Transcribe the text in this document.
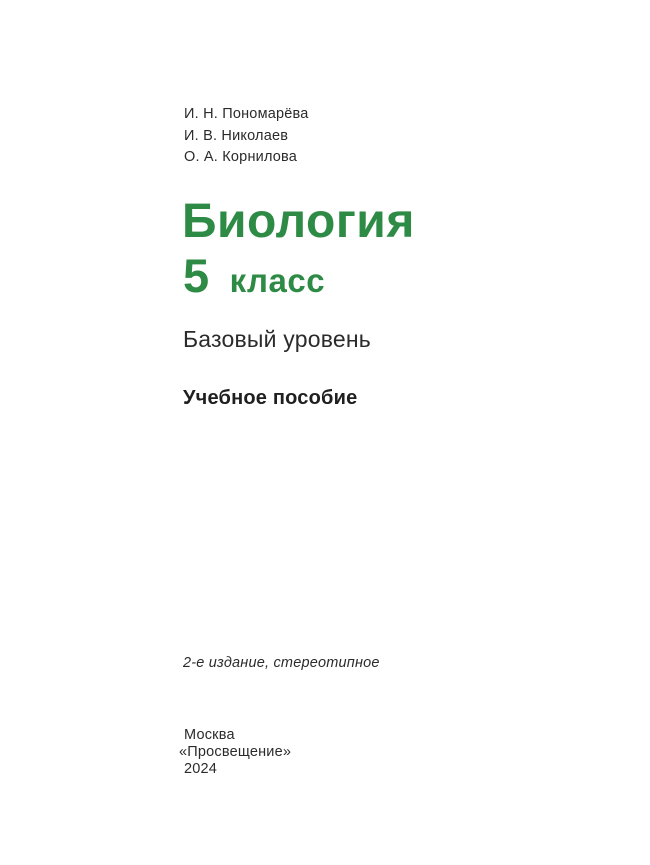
И. Н. Пономарёва
И. В. Николаев
О. А. Корнилова
Биология
5 класс
Базовый уровень
Учебное пособие
2-е издание, стереотипное
Москва
«Просвещение»
2024
